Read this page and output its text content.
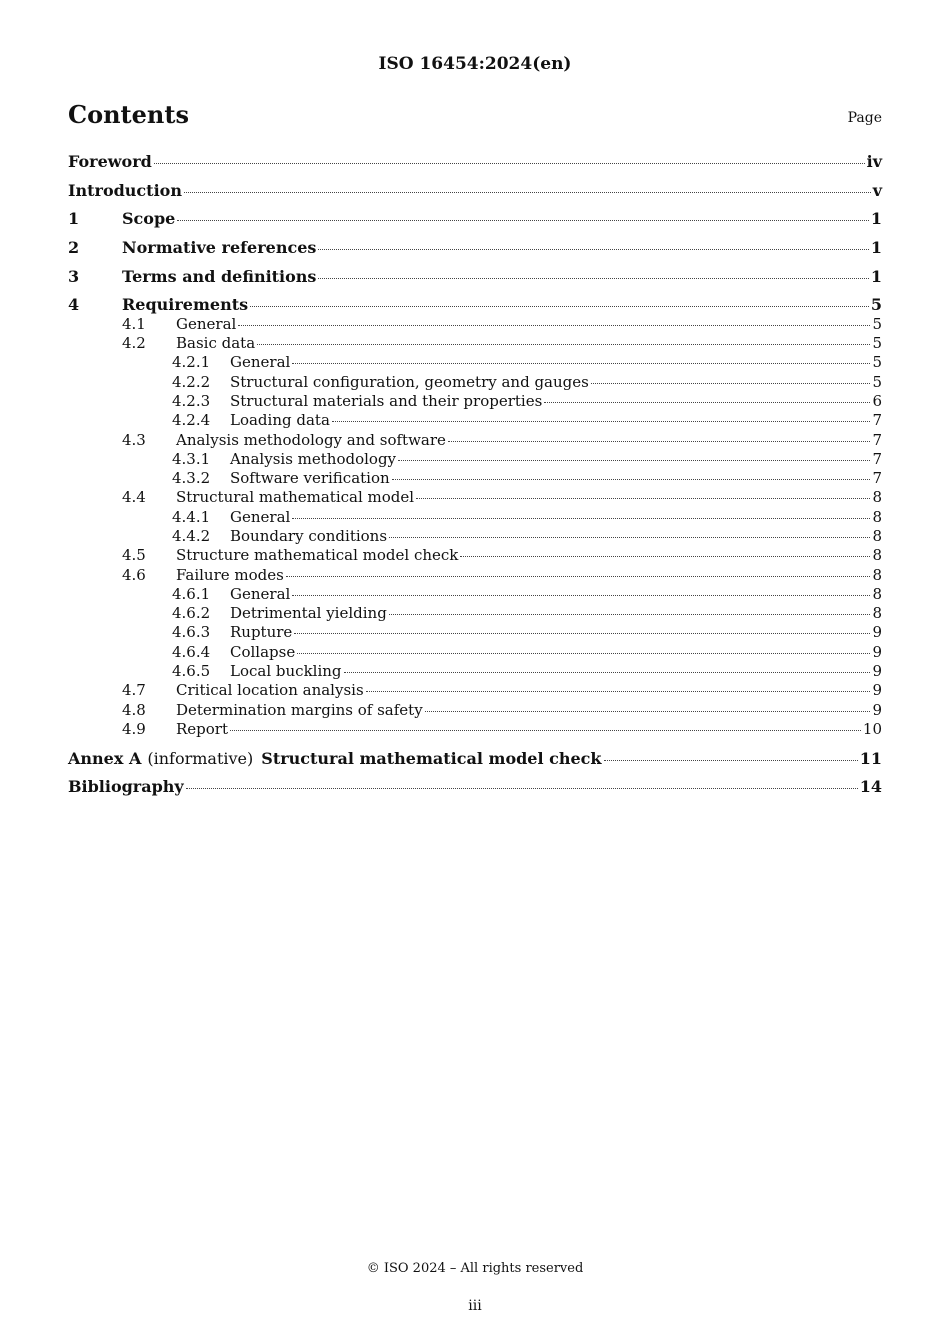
ISO 16454:2024(en)
Contents	Page
Foreword	iv
Introduction	v
1	Scope	1
2	Normative references	1
3	Terms and definitions	1
4	Requirements	5
4.1	General	5
4.2	Basic data	5
4.2.1	General	5
4.2.2	Structural configuration, geometry and gauges	5
4.2.3	Structural materials and their properties	6
4.2.4	Loading data	7
4.3	Analysis methodology and software	7
4.3.1	Analysis methodology	7
4.3.2	Software verification	7
4.4	Structural mathematical model	8
4.4.1	General	8
4.4.2	Boundary conditions	8
4.5	Structure mathematical model check	8
4.6	Failure modes	8
4.6.1	General	8
4.6.2	Detrimental yielding	8
4.6.3	Rupture	9
4.6.4	Collapse	9
4.6.5	Local buckling	9
4.7	Critical location analysis	9
4.8	Determination margins of safety	9
4.9	Report	10
Annex A (informative) Structural mathematical model check	11
Bibliography	14
© ISO 2024 – All rights reserved
iii
